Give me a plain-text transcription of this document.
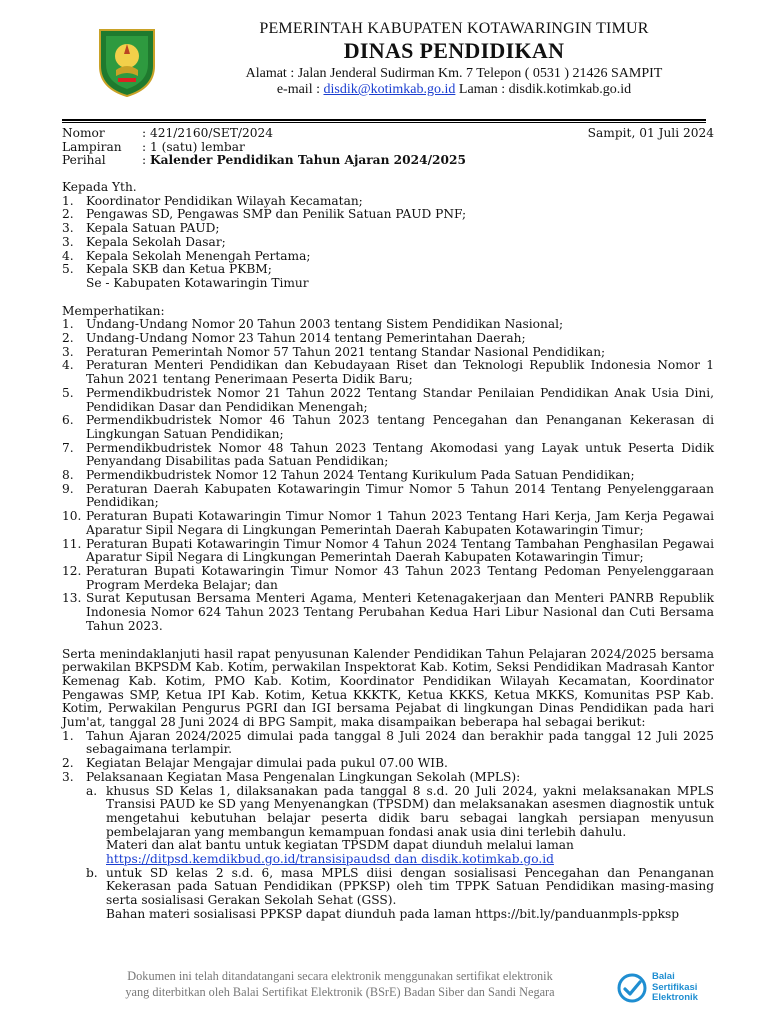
PEMERINTAH KABUPATEN KOTAWARINGIN TIMUR
DINAS PENDIDIKAN
Alamat : Jalan Jenderal Sudirman Km. 7 Telepon ( 0531 ) 21426 SAMPIT
e-mail : disdik@kotimkab.go.id Laman : disdik.kotimkab.go.id
Nomor	: 421/2160/SET/2024
Lampiran	: 1 (satu) lembar
Perihal	: Kalender Pendidikan Tahun Ajaran 2024/2025
Sampit, 01 Juli 2024
Kepada Yth.
1.	Koordinator Pendidikan Wilayah Kecamatan;
2.	Pengawas SD, Pengawas SMP dan Penilik Satuan PAUD PNF;
3.	Kepala Satuan PAUD;
3.	Kepala Sekolah Dasar;
4.	Kepala Sekolah Menengah Pertama;
5.	Kepala SKB dan Ketua PKBM;
Se - Kabupaten Kotawaringin Timur
Memperhatikan:
1.	Undang-Undang Nomor 20 Tahun 2003 tentang Sistem Pendidikan Nasional;
2.	Undang-Undang Nomor 23 Tahun 2014 tentang Pemerintahan Daerah;
3.	Peraturan Pemerintah Nomor 57 Tahun 2021 tentang Standar Nasional Pendidikan;
4.	Peraturan Menteri Pendidikan dan Kebudayaan Riset dan Teknologi Republik Indonesia Nomor 1 Tahun 2021 tentang Penerimaan Peserta Didik Baru;
5.	Permendikbudristek Nomor 21 Tahun 2022 Tentang Standar Penilaian Pendidikan Anak Usia Dini, Pendidikan Dasar dan Pendidikan Menengah;
6.	Permendikbudristek Nomor 46 Tahun 2023 tentang Pencegahan dan Penanganan Kekerasan di Lingkungan Satuan Pendidikan;
7.	Permendikbudristek Nomor 48 Tahun 2023 Tentang Akomodasi yang Layak untuk Peserta Didik Penyandang Disabilitas pada Satuan Pendidikan;
8.	Permendikbudristek Nomor 12 Tahun 2024 Tentang Kurikulum Pada Satuan Pendidikan;
9.	Peraturan Daerah Kabupaten Kotawaringin Timur Nomor 5 Tahun 2014 Tentang Penyelenggaraan Pendidikan;
10. Peraturan Bupati Kotawaringin Timur Nomor 1 Tahun 2023 Tentang Hari Kerja, Jam Kerja Pegawai Aparatur Sipil Negara di Lingkungan Pemerintah Daerah Kabupaten Kotawaringin Timur;
11. Peraturan Bupati Kotawaringin Timur Nomor 4 Tahun 2024 Tentang Tambahan Penghasilan Pegawai Aparatur Sipil Negara di Lingkungan Pemerintah Daerah Kabupaten Kotawaringin Timur;
12. Peraturan Bupati Kotawaringin Timur Nomor 43 Tahun 2023 Tentang Pedoman Penyelenggaraan Program Merdeka Belajar; dan
13. Surat Keputusan Bersama Menteri Agama, Menteri Ketenagakerjaan dan Menteri PANRB Republik Indonesia Nomor 624 Tahun 2023 Tentang Perubahan Kedua Hari Libur Nasional dan Cuti Bersama Tahun 2023.
Serta menindaklanjuti hasil rapat penyusunan Kalender Pendidikan Tahun Pelajaran 2024/2025 bersama perwakilan BKPSDM Kab. Kotim, perwakilan Inspektorat Kab. Kotim, Seksi Pendidikan Madrasah Kantor Kemenag Kab. Kotim, PMO Kab. Kotim, Koordinator Pendidikan Wilayah Kecamatan, Koordinator Pengawas SMP, Ketua IPI Kab. Kotim, Ketua KKKTK, Ketua KKKS, Ketua MKKS, Komunitas PSP Kab. Kotim, Perwakilan Pengurus PGRI dan IGI bersama Pejabat di lingkungan Dinas Pendidikan pada hari Jum'at, tanggal 28 Juni 2024 di BPG Sampit, maka disampaikan beberapa hal sebagai berikut:
1.	Tahun Ajaran 2024/2025 dimulai pada tanggal 8 Juli 2024 dan berakhir pada tanggal 12 Juli 2025 sebagaimana terlampir.
2.	Kegiatan Belajar Mengajar dimulai pada pukul 07.00 WIB.
3.	Pelaksanaan Kegiatan Masa Pengenalan Lingkungan Sekolah (MPLS):
a. khusus SD Kelas 1, dilaksanakan pada tanggal 8 s.d. 20 Juli 2024, yakni melaksanakan MPLS Transisi PAUD ke SD yang Menyenangkan (TPSDM) dan melaksanakan asesmen diagnostik untuk mengetahui kebutuhan belajar peserta didik baru sebagai langkah persiapan menyusun pembelajaran yang membangun kemampuan fondasi anak usia dini terlebih dahulu.
Materi dan alat bantu untuk kegiatan TPSDM dapat diunduh melalui laman
https://ditpsd.kemdikbud.go.id/transisipaudsd dan disdik.kotimkab.go.id
b. untuk SD kelas 2 s.d. 6, masa MPLS diisi dengan sosialisasi Pencegahan dan Penanganan Kekerasan pada Satuan Pendidikan (PPKSP) oleh tim TPPK Satuan Pendidikan masing-masing serta sosialisasi Gerakan Sekolah Sehat (GSS).
Bahan materi sosialisasi PPKSP dapat diunduh pada laman https://bit.ly/panduanmpls-ppksp
Dokumen ini telah ditandatangani secara elektronik menggunakan sertifikat elektronik
yang diterbitkan oleh Balai Sertifikat Elektronik (BSrE) Badan Siber dan Sandi Negara
Balai
Sertifikasi
Elektronik
